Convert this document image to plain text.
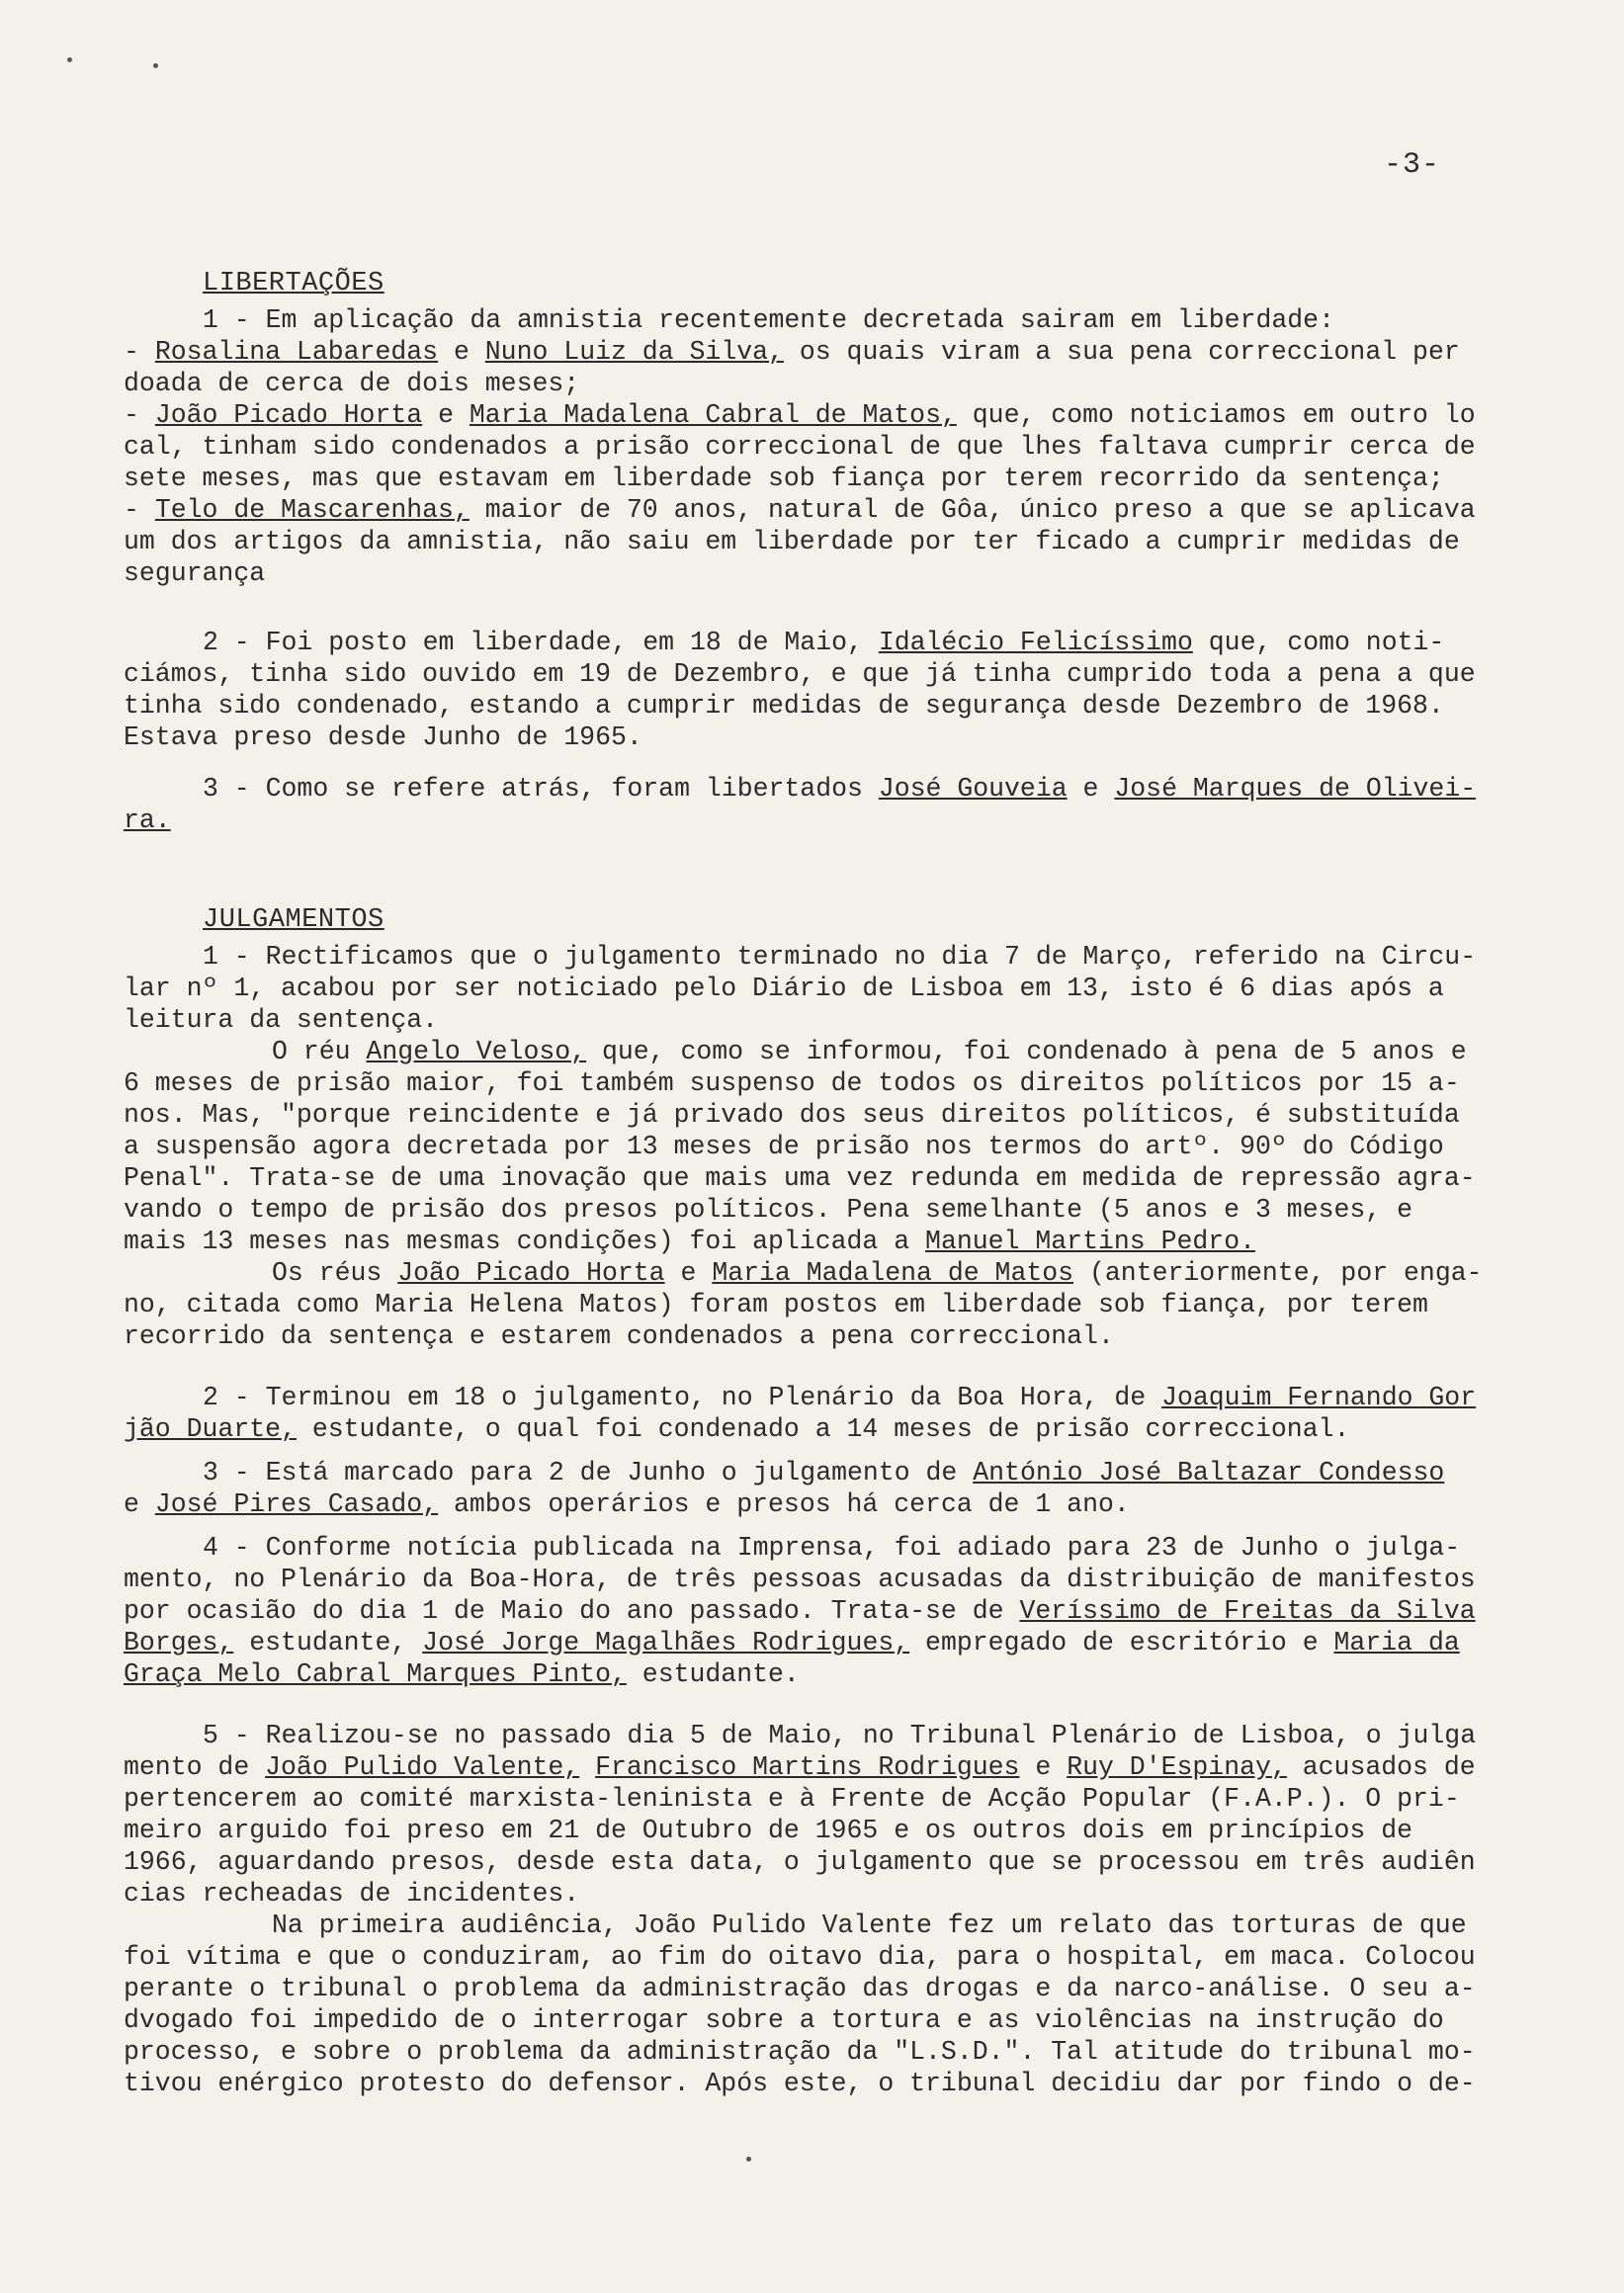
-3-
LIBERTAÇÕES

1 - Em aplicação da amnistia recentemente decretada sairam em liberdade:

- Rosalina Labaredas e Nuno Luiz da Silva, os quais viram a sua pena correccional per

doada de cerca de dois meses;

- João Picado Horta e Maria Madalena Cabral de Matos, que, como noticiamos em outro lo

cal, tinham sido condenados a prisão correccional de que lhes faltava cumprir cerca de

sete meses, mas que estavam em liberdade sob fiança por terem recorrido da sentença;

- Telo de Mascarenhas, maior de 70 anos, natural de Gôa, único preso a que se aplicava

um dos artigos da amnistia, não saiu em liberdade por ter ficado a cumprir medidas de

segurança

2 - Foi posto em liberdade, em 18 de Maio, Idalécio Felicíssimo que, como noti-

ciámos, tinha sido ouvido em 19 de Dezembro, e que já tinha cumprido toda a pena a que

tinha sido condenado, estando a cumprir medidas de segurança desde Dezembro de 1968.

Estava preso desde Junho de 1965.

3 - Como se refere atrás, foram libertados José Gouveia e José Marques de Olivei-

ra.

JULGAMENTOS

1 - Rectificamos que o julgamento terminado no dia 7 de Março, referido na Circu-

lar nº 1, acabou por ser noticiado pelo Diário de Lisboa em 13, isto é 6 dias após a

leitura da sentença.

O réu Angelo Veloso, que, como se informou, foi condenado à pena de 5 anos e

6 meses de prisão maior, foi também suspenso de todos os direitos políticos por 15 a-

nos. Mas, "porque reincidente e já privado dos seus direitos políticos, é substituída

a suspensão agora decretada por 13 meses de prisão nos termos do artº. 90º do Código

Penal". Trata-se de uma inovação que mais uma vez redunda em medida de repressão agra-

vando o tempo de prisão dos presos políticos. Pena semelhante (5 anos e 3 meses, e

mais 13 meses nas mesmas condições) foi aplicada a Manuel Martins Pedro.

Os réus João Picado Horta e Maria Madalena de Matos (anteriormente, por enga-

no, citada como Maria Helena Matos) foram postos em liberdade sob fiança, por terem

recorrido da sentença e estarem condenados a pena correccional.

2 - Terminou em 18 o julgamento, no Plenário da Boa Hora, de Joaquim Fernando Gor

jão Duarte, estudante, o qual foi condenado a 14 meses de prisão correccional.

3 - Está marcado para 2 de Junho o julgamento de António José Baltazar Condesso

e José Pires Casado, ambos operários e presos há cerca de 1 ano.

4 - Conforme notícia publicada na Imprensa, foi adiado para 23 de Junho o julga-

mento, no Plenário da Boa-Hora, de três pessoas acusadas da distribuição de manifestos

por ocasião do dia 1 de Maio do ano passado. Trata-se de Veríssimo de Freitas da Silva

Borges, estudante, José Jorge Magalhães Rodrigues, empregado de escritório e Maria da

Graça Melo Cabral Marques Pinto, estudante.

5 - Realizou-se no passado dia 5 de Maio, no Tribunal Plenário de Lisboa, o julga

mento de João Pulido Valente, Francisco Martins Rodrigues e Ruy D'Espinay, acusados de

pertencerem ao comité marxista-leninista e à Frente de Acção Popular (F.A.P.). O pri-

meiro arguido foi preso em 21 de Outubro de 1965 e os outros dois em princípios de

1966, aguardando presos, desde esta data, o julgamento que se processou em três audiên

cias recheadas de incidentes.

Na primeira audiência, João Pulido Valente fez um relato das torturas de que

foi vítima e que o conduziram, ao fim do oitavo dia, para o hospital, em maca. Colocou

perante o tribunal o problema da administração das drogas e da narco-análise. O seu a-

dvogado foi impedido de o interrogar sobre a tortura e as violências na instrução do

processo, e sobre o problema da administração da "L.S.D.". Tal atitude do tribunal mo-

tivou enérgico protesto do defensor. Após este, o tribunal decidiu dar por findo o de-
